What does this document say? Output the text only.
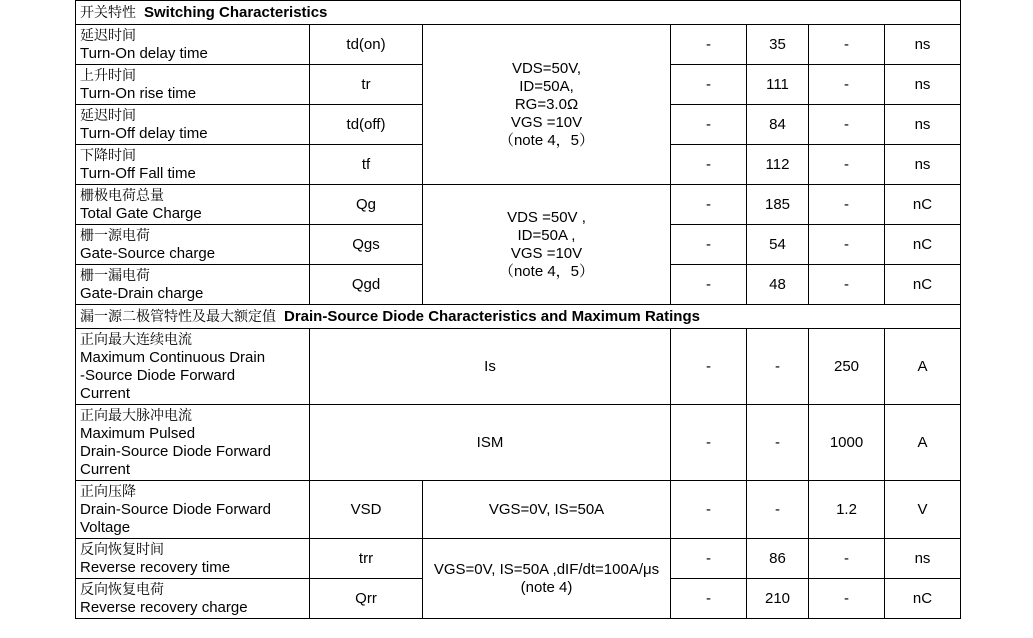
开关特性 Switching Characteristics						

延迟时间
Turn-On delay time	td(on)	VDS=50V,
ID=50A,
RG=3.0Ω
VGS =10V
（note 4，5）	-	35	-	ns

上升时间
Turn-On rise time	tr		-	111	-	ns

延迟时间
Turn-Off delay time	td(off)		-	84	-	ns

下降时间
Turn-Off Fall time	tf		-	112	-	ns

栅极电荷总量
Total Gate Charge	Qg	VDS =50V ,
ID=50A ,
VGS =10V
（note 4，5）	-	185	-	nC

栅一源电荷
Gate-Source charge	Qgs		-	54	-	nC

栅一漏电荷
Gate-Drain charge	Qgd		-	48	-	nC
漏一源二极管特性及最大额定值 Drain-Source Diode Characteristics and Maximum Ratings						

正向最大连续电流
Maximum Continuous Drain
-Source Diode Forward
Current	Is		-	-	250	A

正向最大脉冲电流
Maximum Pulsed
Drain-Source Diode Forward
Current	ISM		-	-	1000	A

正向压降
Drain-Source Diode Forward
Voltage	VSD	VGS=0V, IS=50A	-	-	1.2	V

反向恢复时间
Reverse recovery time	trr	VGS=0V, IS=50A ,dIF/dt=100A/μs
(note 4)	-	86	-	ns

反向恢复电荷
Reverse recovery charge	Qrr		-	210	-	nC
